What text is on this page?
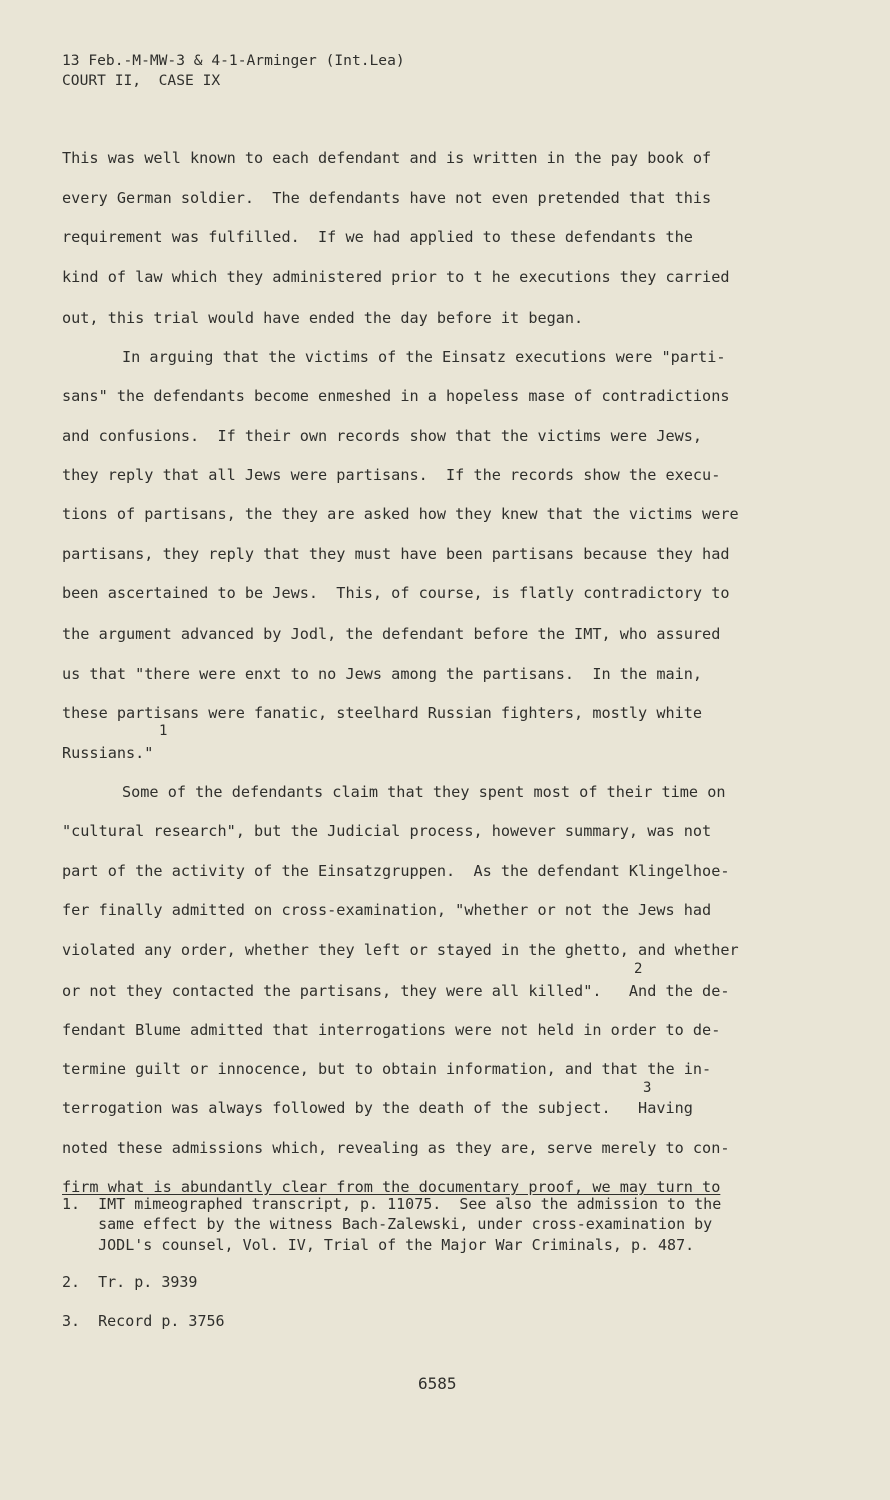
13 Feb.-M-MW-3 & 4-1-Arminger (Int.Lea)
COURT II,  CASE IX
This was well known to each defendant and is written in the pay book of
every German soldier.  The defendants have not even pretended that this
requirement was fulfilled.  If we had applied to these defendants the
kind of law which they administered prior to t he executions they carried
out, this trial would have ended the day before it began.
In arguing that the victims of the Einsatz executions were "parti-
sans" the defendants become enmeshed in a hopeless mase of contradictions
and confusions.  If their own records show that the victims were Jews,
they reply that all Jews were partisans.  If the records show the execu-
tions of partisans, the they are asked how they knew that the victims were
partisans, they reply that they must have been partisans because they had
been ascertained to be Jews.  This, of course, is flatly contradictory to
the argument advanced by Jodl, the defendant before the IMT, who assured
us that "there were enxt to no Jews among the partisans.  In the main,
these partisans were fanatic, steelhard Russian fighters, mostly white
1
Russians."
Some of the defendants claim that they spent most of their time on
"cultural research", but the Judicial process, however summary, was not
part of the activity of the Einsatzgruppen.  As the defendant Klingelhoe-
fer finally admitted on cross-examination, "whether or not the Jews had
violated any order, whether they left or stayed in the ghetto, and whether
2
or not they contacted the partisans, they were all killed".   And the de-
fendant Blume admitted that interrogations were not held in order to de-
termine guilt or innocence, but to obtain information, and that the in-
3
terrogation was always followed by the death of the subject.   Having
noted these admissions which, revealing as they are, serve merely to con-
firm what is abundantly clear from the documentary proof, we may turn to
1.  IMT mimeographed transcript, p. 11075.  See also the admission to the
same effect by the witness Bach-Zalewski, under cross-examination by
JODL's counsel, Vol. IV, Trial of the Major War Criminals, p. 487.
2.  Tr. p. 3939
3.  Record p. 3756
6585
